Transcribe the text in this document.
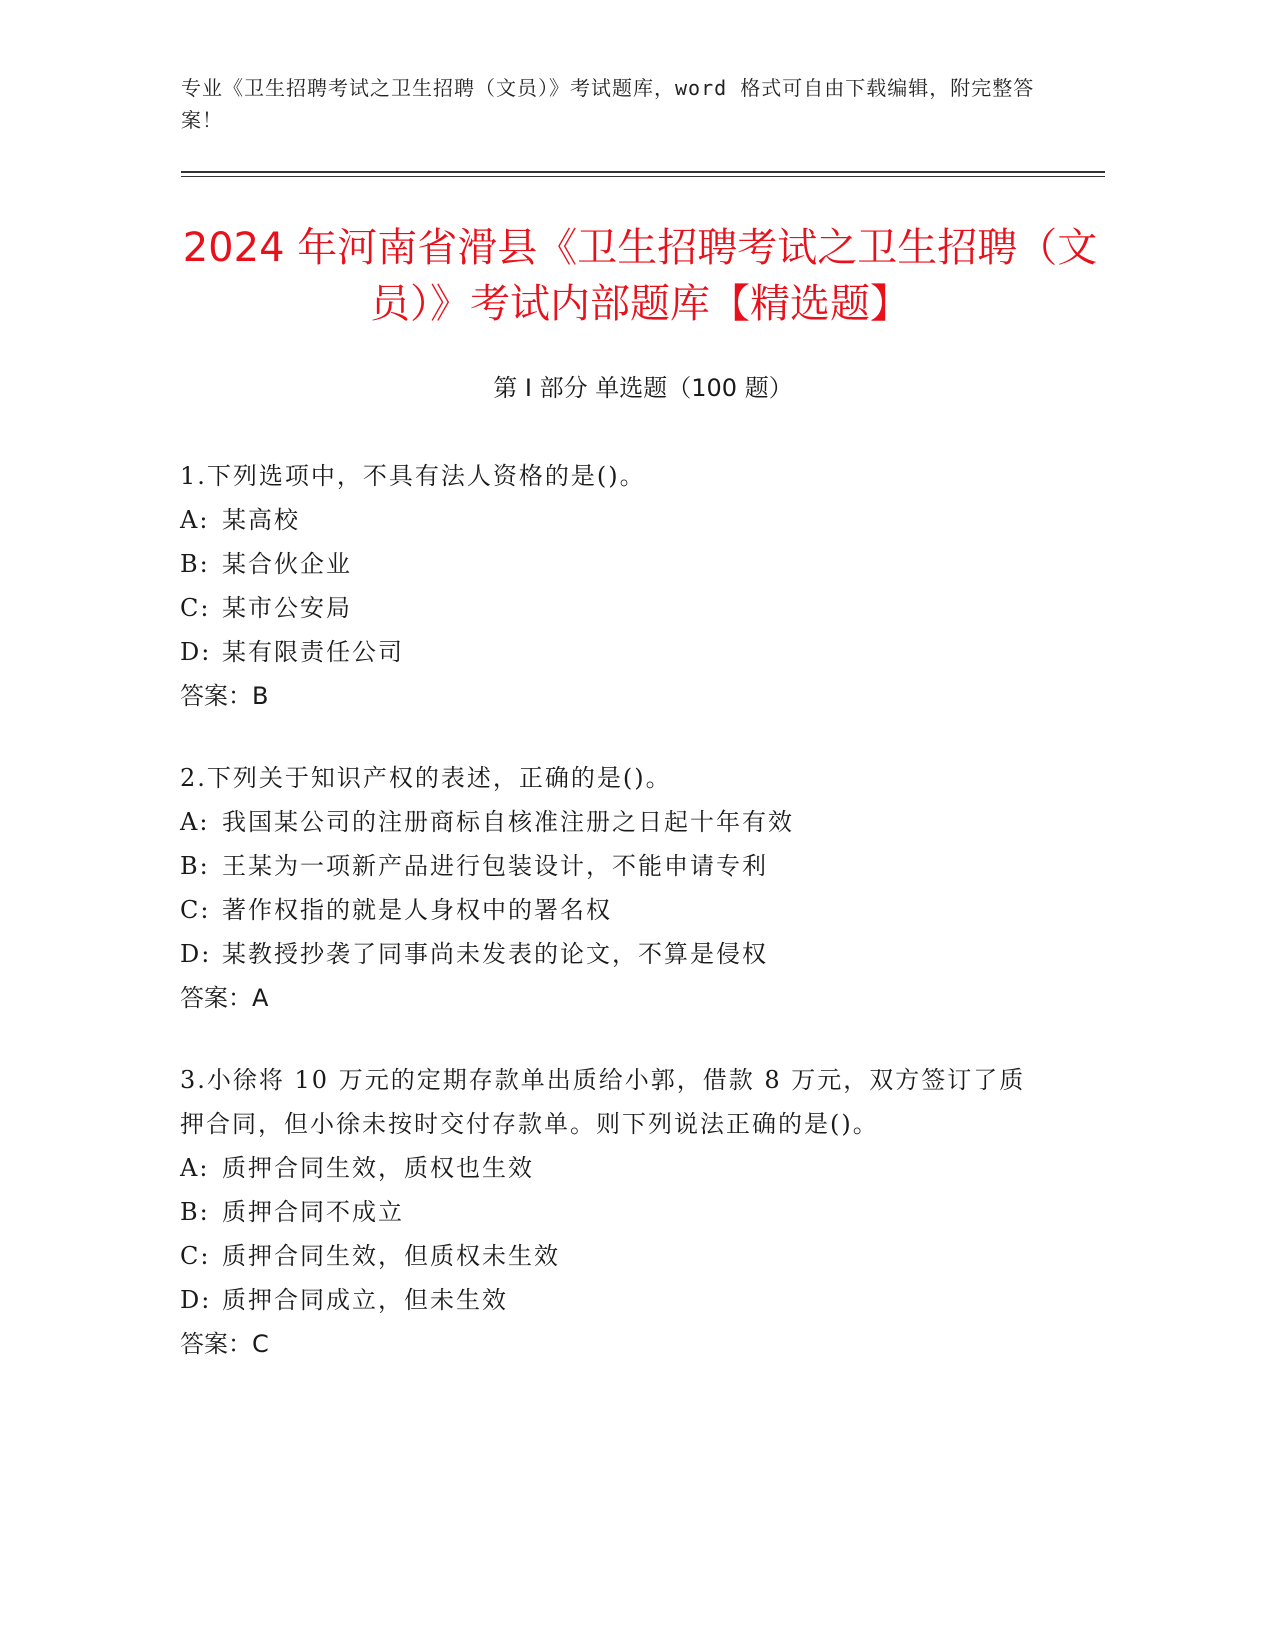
专业《卫生招聘考试之卫生招聘（文员）》考试题库，word 格式可自由下载编辑，附完整答案！
2024 年河南省滑县《卫生招聘考试之卫生招聘（文员）》考试内部题库【精选题】
第 I 部分 单选题（100 题）

1.下列选项中，不具有法人资格的是()。

A: 某高校

B: 某合伙企业

C: 某市公安局

D: 某有限责任公司

答案：B

2.下列关于知识产权的表述，正确的是()。

A: 我国某公司的注册商标自核准注册之日起十年有效

B: 王某为一项新产品进行包装设计，不能申请专利

C: 著作权指的就是人身权中的署名权

D: 某教授抄袭了同事尚未发表的论文，不算是侵权

答案：A

3.小徐将 10 万元的定期存款单出质给小郭，借款 8 万元，双方签订了质押合同，但小徐未按时交付存款单。则下列说法正确的是()。

A: 质押合同生效，质权也生效

B: 质押合同不成立

C: 质押合同生效，但质权未生效

D: 质押合同成立，但未生效

答案：C
